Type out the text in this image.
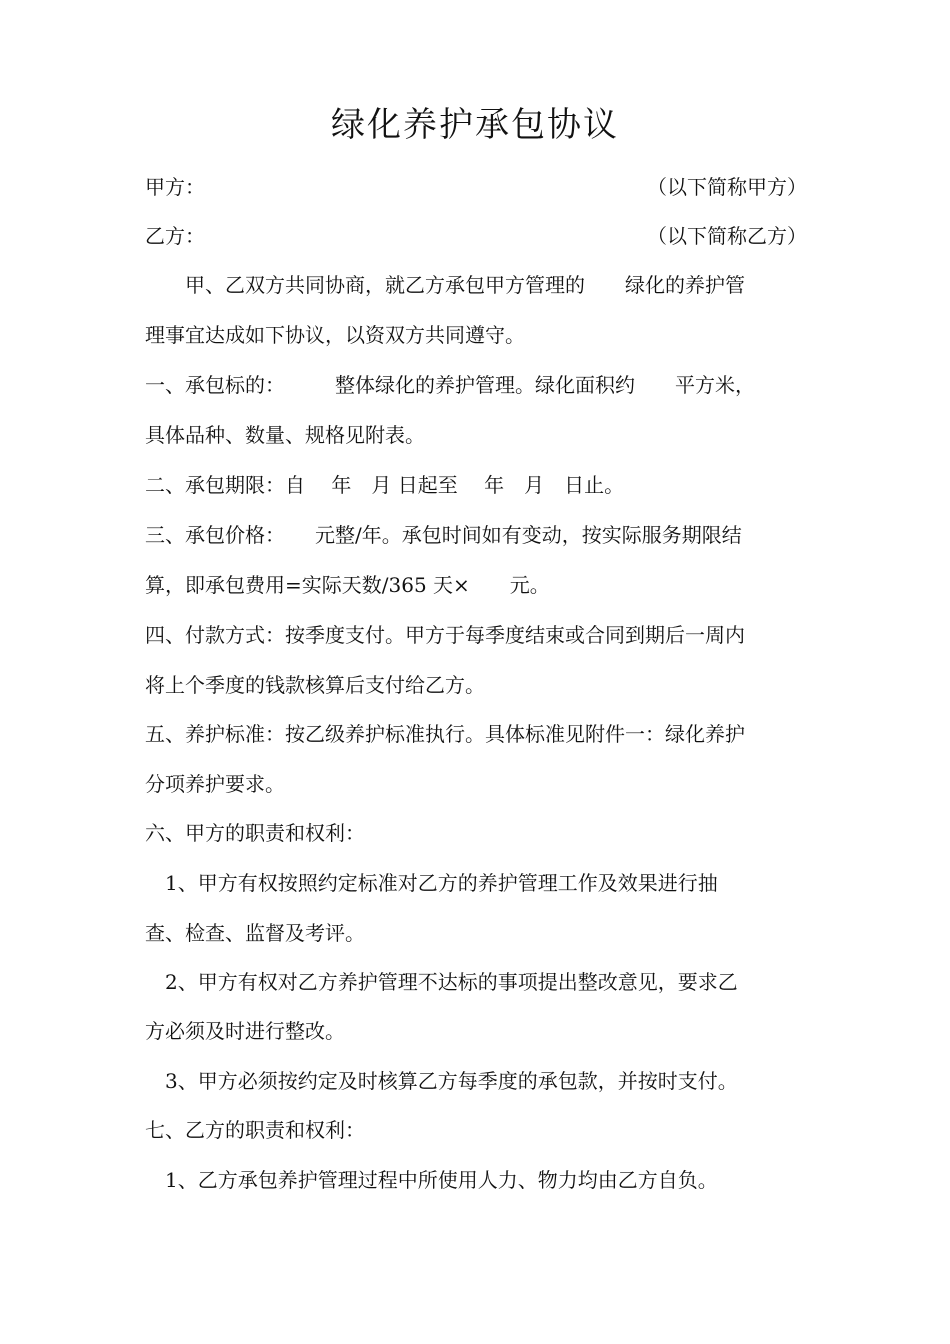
绿化养护承包协议
甲方：	（以下简称甲方）
乙方：	（以下简称乙方）
　　甲、乙双方共同协商，就乙方承包甲方管理的　　绿化的养护管
理事宜达成如下协议，以资双方共同遵守。
一、承包标的：　　　整体绿化的养护管理。绿化面积约　　平方米，
具体品种、数量、规格见附表。
二、承包期限：自　 年　月 日起至　 年　月　日止。
三、承包价格：　　元整/年。承包时间如有变动，按实际服务期限结
算，即承包费用=实际天数/365 天×　　元。
四、付款方式：按季度支付。甲方于每季度结束或合同到期后一周内
将上个季度的钱款核算后支付给乙方。
五、养护标准：按乙级养护标准执行。具体标准见附件一：绿化养护
分项养护要求。
六、甲方的职责和权利：
　1、甲方有权按照约定标准对乙方的养护管理工作及效果进行抽
查、检查、监督及考评。
　2、甲方有权对乙方养护管理不达标的事项提出整改意见，要求乙
方必须及时进行整改。
　3、甲方必须按约定及时核算乙方每季度的承包款，并按时支付。
七、乙方的职责和权利：
　1、乙方承包养护管理过程中所使用人力、物力均由乙方自负。
